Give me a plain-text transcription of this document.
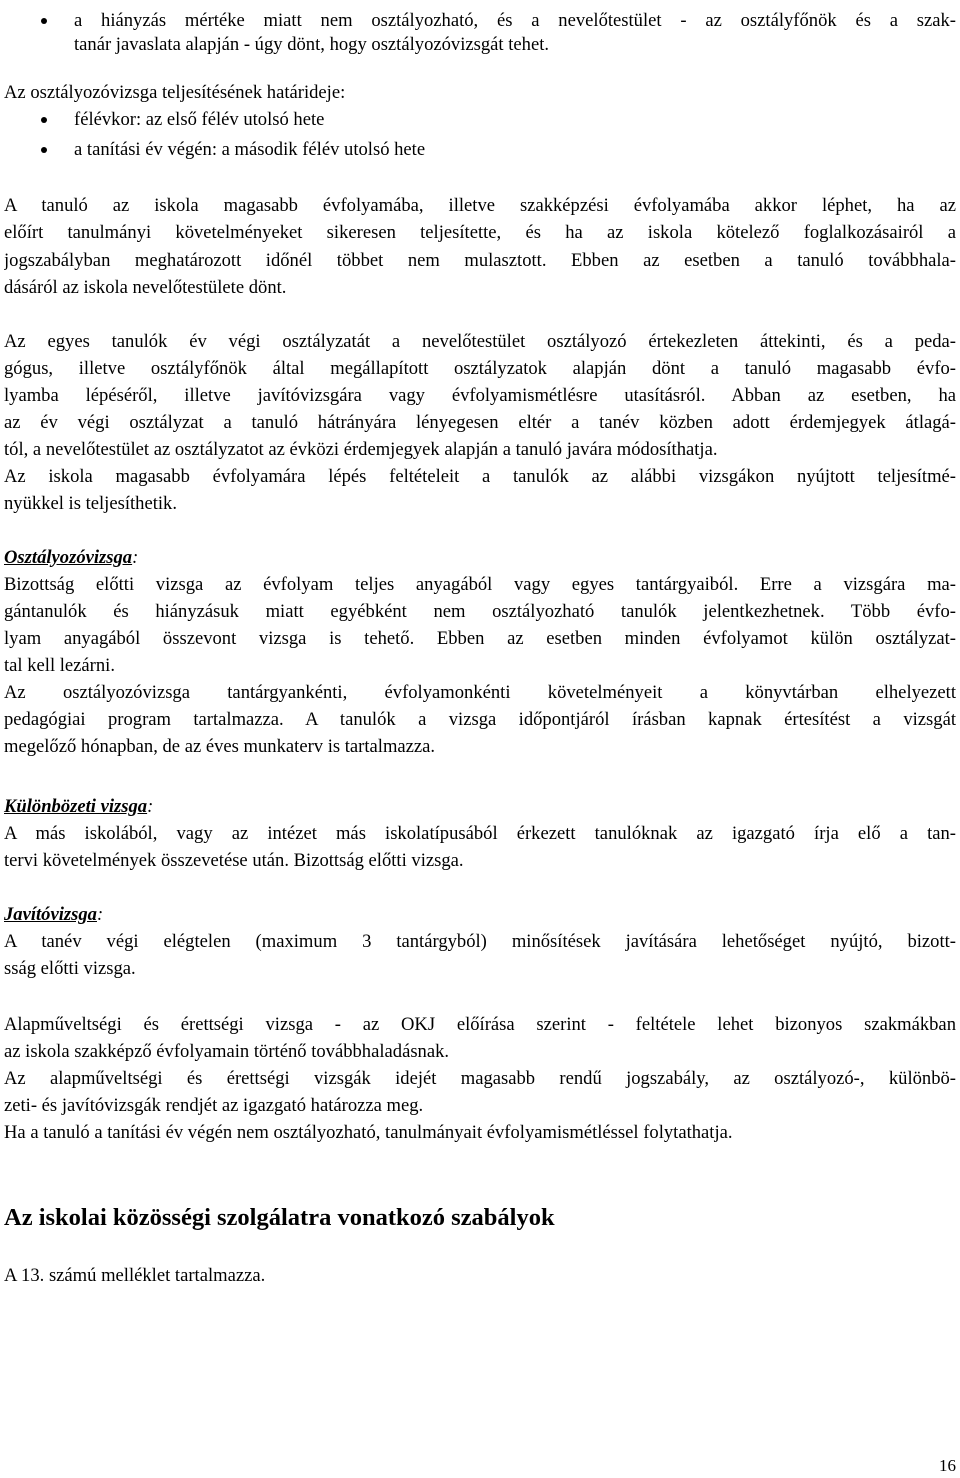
a hiányzás mértéke miatt nem osztályozható, és a nevelőtestület - az osztályfőnök és a szak-
tanár javaslata alapján - úgy dönt, hogy osztályozóvizsgát tehet.
Az osztályozóvizsga teljesítésének határideje:
félévkor: az első félév utolsó hete
a tanítási év végén: a második félév utolsó hete
A tanuló az iskola magasabb évfolyamába, illetve szakképzési évfolyamába akkor léphet, ha az
előírt tanulmányi követelményeket sikeresen teljesítette, és ha az iskola kötelező foglalkozásairól a
jogszabályban meghatározott időnél többet nem mulasztott. Ebben az esetben a tanuló továbbhala-
dásáról az iskola nevelőtestülete dönt.
Az egyes tanulók év végi osztályzatát a nevelőtestület osztályozó értekezleten áttekinti, és a peda-
gógus, illetve osztályfőnök által megállapított osztályzatok alapján dönt a tanuló magasabb évfo-
lyamba lépéséről, illetve javítóvizsgára vagy évfolyamismétlésre utasításról. Abban az esetben, ha
az év végi osztályzat a tanuló hátrányára lényegesen eltér a tanév közben adott érdemjegyek átlagá-
tól, a nevelőtestület az osztályzatot az évközi érdemjegyek alapján a tanuló javára módosíthatja.
Az iskola magasabb évfolyamára lépés feltételeit a tanulók az alábbi vizsgákon nyújtott teljesítmé-
nyükkel is teljesíthetik.
Osztályozóvizsga:
Bizottság előtti vizsga az évfolyam teljes anyagából vagy egyes tantárgyaiból. Erre a vizsgára ma-
gántanulók és hiányzásuk miatt egyébként nem osztályozható tanulók jelentkezhetnek. Több évfo-
lyam anyagából összevont vizsga is tehető. Ebben az esetben minden évfolyamot külön osztályzat-
tal kell lezárni.
Az osztályozóvizsga tantárgyankénti, évfolyamonkénti követelményeit a könyvtárban elhelyezett
pedagógiai program tartalmazza. A tanulók a vizsga időpontjáról írásban kapnak értesítést a vizsgát
megelőző hónapban, de az éves munkaterv is tartalmazza.
Különbözeti vizsga:
A más iskolából, vagy az intézet más iskolatípusából érkezett tanulóknak az igazgató írja elő a tan-
tervi követelmények összevetése után. Bizottság előtti vizsga.
Javítóvizsga:
A tanév végi elégtelen (maximum 3 tantárgyból) minősítések javítására lehetőséget nyújtó, bizott-
sság előtti vizsga.
Alapműveltségi és érettségi vizsga - az OKJ előírása szerint - feltétele lehet bizonyos szakmákban
az iskola szakképző évfolyamain történő továbbhaladásnak.
Az alapműveltségi és érettségi vizsgák idejét magasabb rendű jogszabály, az osztályozó-, különbö-
zeti- és javítóvizsgák rendjét az igazgató határozza meg.
Ha a tanuló a tanítási év végén nem osztályozható, tanulmányait évfolyamismétléssel folytathatja.
Az iskolai közösségi szolgálatra vonatkozó szabályok
A 13. számú melléklet tartalmazza.
16
